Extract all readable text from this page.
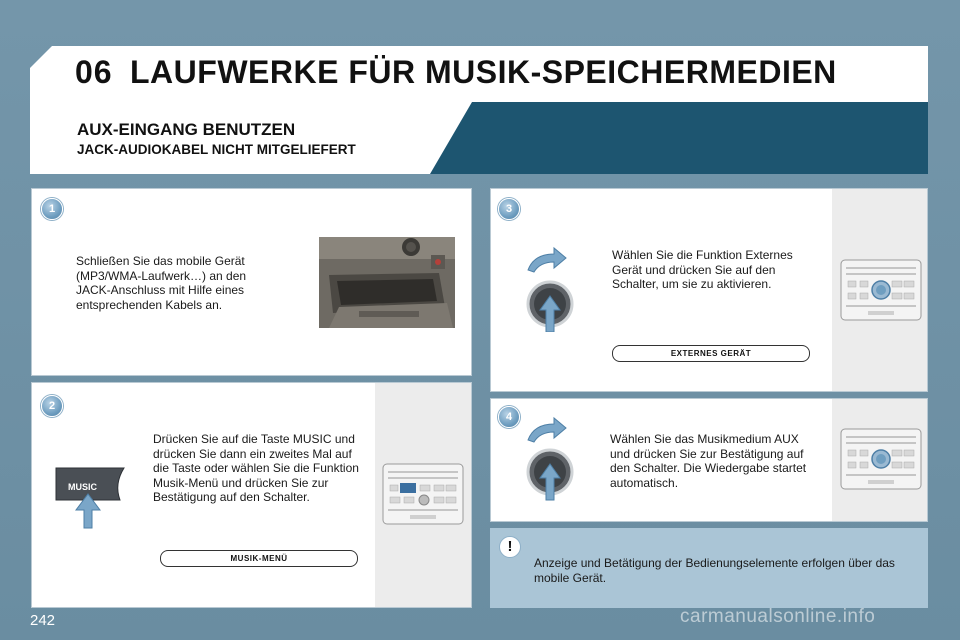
06 LAUFWERKE FÜR MUSIK-SPEICHERMEDIEN
AUX-EINGANG BENUTZEN
JACK-AUDIOKABEL NICHT MITGELIEFERT
1
Schließen Sie das mobile Gerät (MP3/WMA-Laufwerk…) an den JACK-Anschluss mit Hilfe eines entsprechenden Kabels an.
2
Drücken Sie auf die Taste MUSIC und drücken Sie dann ein zweites Mal auf die Taste oder wählen Sie die Funktion Musik-Menü und drücken Sie zur Bestätigung auf den Schalter.
MUSIC
MUSIK-MENÜ
3
Wählen Sie die Funktion Externes Gerät und drücken Sie auf den Schalter, um sie zu aktivieren.
EXTERNES GERÄT
4
Wählen Sie das Musikmedium AUX und drücken Sie zur Bestätigung auf den Schalter. Die Wiedergabe startet automatisch.
!
Anzeige und Betätigung der Bedienungselemente erfolgen über das mobile Gerät.
242	carmanualsonline.info
